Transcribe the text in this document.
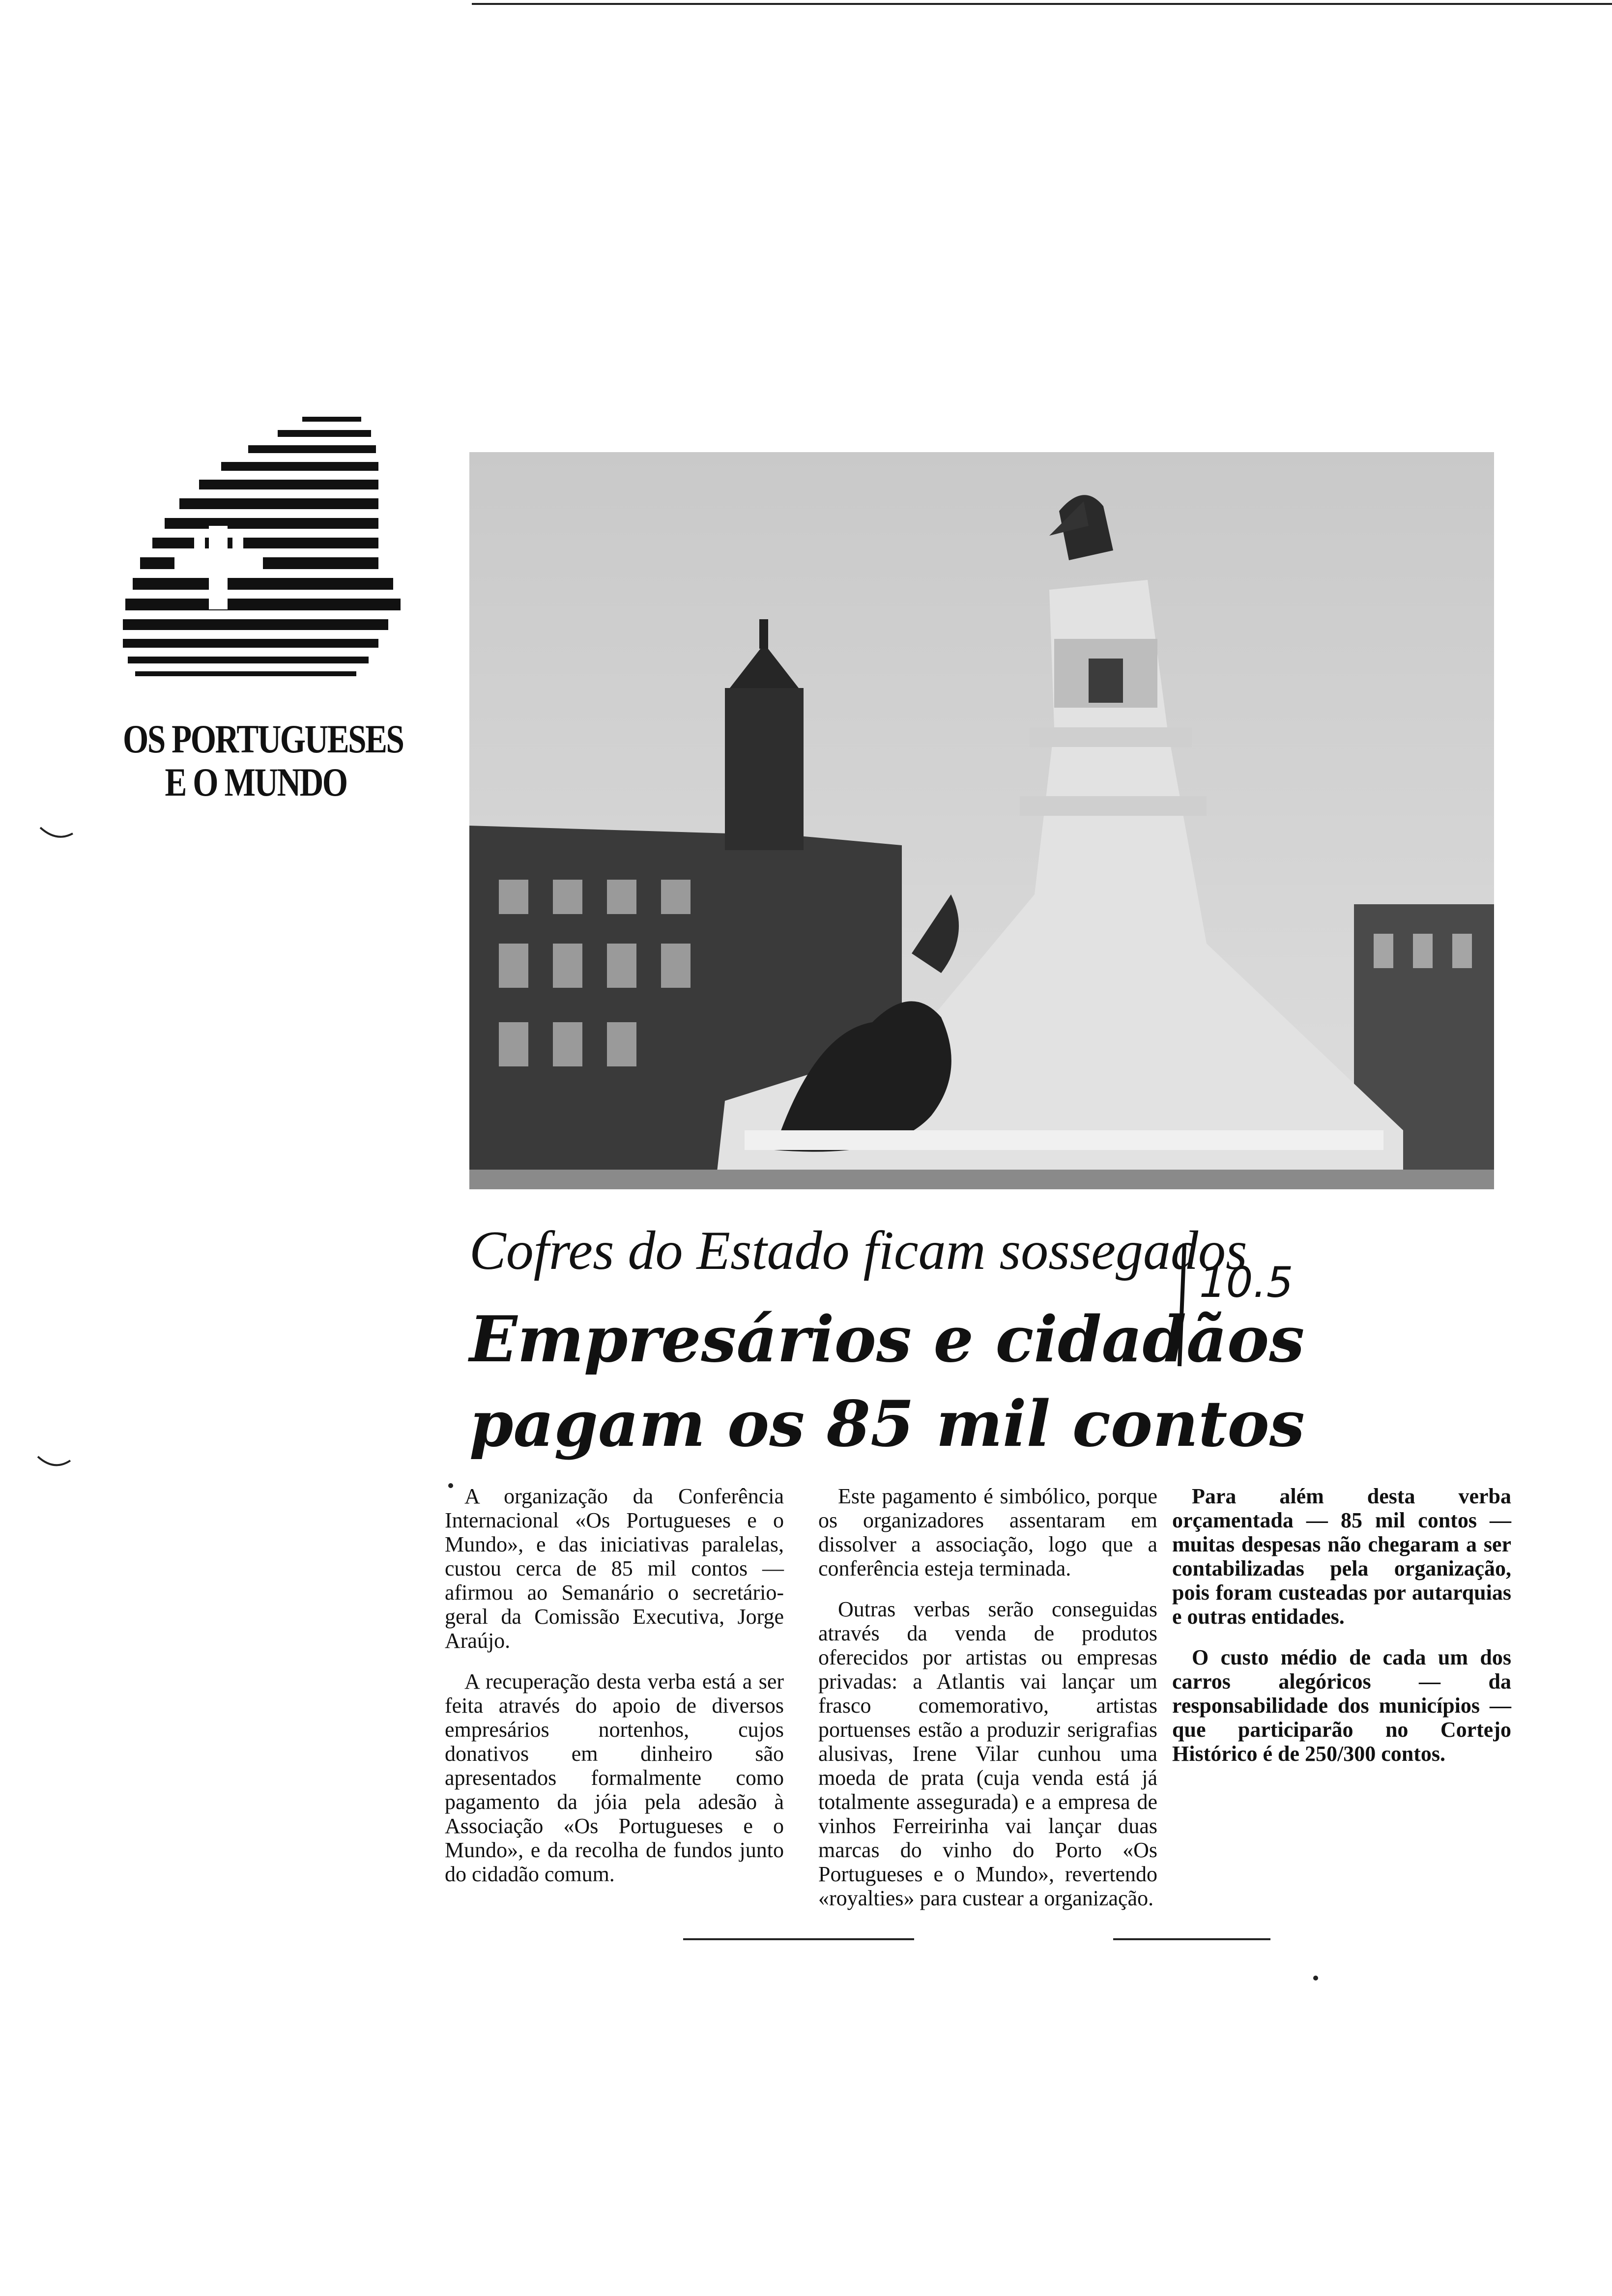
OS PORTUGUESES
E O MUNDO
Cofres do Estado ficam sossegados
10.5
Empresários e cidadãos
pagam os 85 mil contos

A organização da Conferência Internacional «Os Portugueses e o Mundo», e das iniciativas paralelas, custou cerca de 85 mil contos — afirmou ao Semanário o secretário-geral da Comissão Executiva, Jorge Araújo.

A recuperação desta verba está a ser feita através do apoio de diversos empresários nortenhos, cujos donativos em dinheiro são apresentados formalmente como pagamento da jóia pela adesão à Associação «Os Portugueses e o Mundo», e da recolha de fundos junto do cidadão comum.

Este pagamento é simbólico, porque os organizadores assentaram em dissolver a associação, logo que a conferência esteja terminada.

Outras verbas serão conseguidas através da venda de produtos oferecidos por artistas ou empresas privadas: a Atlantis vai lançar um frasco comemorativo, artistas portuenses estão a produzir serigrafias alusivas, Irene Vilar cunhou uma moeda de prata (cuja venda está já totalmente assegurada) e a empresa de vinhos Ferreirinha vai lançar duas marcas do vinho do Porto «Os Portugueses e o Mundo», revertendo «royalties» para custear a organização.

Para além desta verba orçamentada — 85 mil contos — muitas despesas não chegaram a ser contabilizadas pela organização, pois foram custeadas por autarquias e outras entidades.

O custo médio de cada um dos carros alegóricos — da responsabilidade dos municípios — que participarão no Cortejo Histórico é de 250/300 contos.
